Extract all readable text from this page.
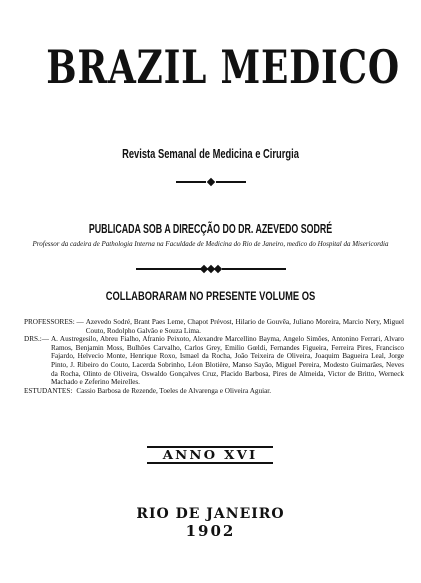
BRAZIL MEDICO
Revista Semanal de Medicina e Cirurgia
PUBLICADA SOB A DIRECÇÃO DO DR. AZEVEDO SODRÉ
Professor da cadeira de Pathologia Interna na Faculdade de Medicina do Rio de Janeiro, medico do Hospital da Misericordia
COLLABORARAM NO PRESENTE VOLUME OS
PROFESSORES: — Azevedo Sodré, Brant Paes Leme, Chapot Prévost, Hilario de Gouvêa, Juliano Moreira, Marcio Nery, Miguel Couto, Rodolpho Galvão e Souza Lima.
DRS.:— A. Austregesilo, Abreu Fialho, Afranio Peixoto, Alexandre Marcellino Bayma, Angelo Simões, Antonino Ferrari, Alvaro Ramos, Benjamin Moss, Bulhões Carvalho, Carlos Grey, Emilio Gœldi, Fernandes Figueira, Ferreira Pires, Francisco Fajardo, Helvecio Monte, Henrique Roxo, Ismael da Rocha, João Teixeira de Oliveira, Joaquim Bagueira Leal, Jorge Pinto, J. Ribeiro do Couto, Lacerda Sobrinho, Léon Blotière, Manso Sayão, Miguel Pereira, Modesto Guimarães, Neves da Rocha, Olinto de Oliveira, Oswaldo Gonçalves Cruz, Placido Barbosa, Pires de Almeida, Victor de Britto, Werneck Machado e Zeferino Meirelles.
ESTUDANTES: Cassio Barbosa de Rezende, Toeles de Alvarenga e Oliveira Aguiar.
ANNO XVI
RIO DE JANEIRO
1902
